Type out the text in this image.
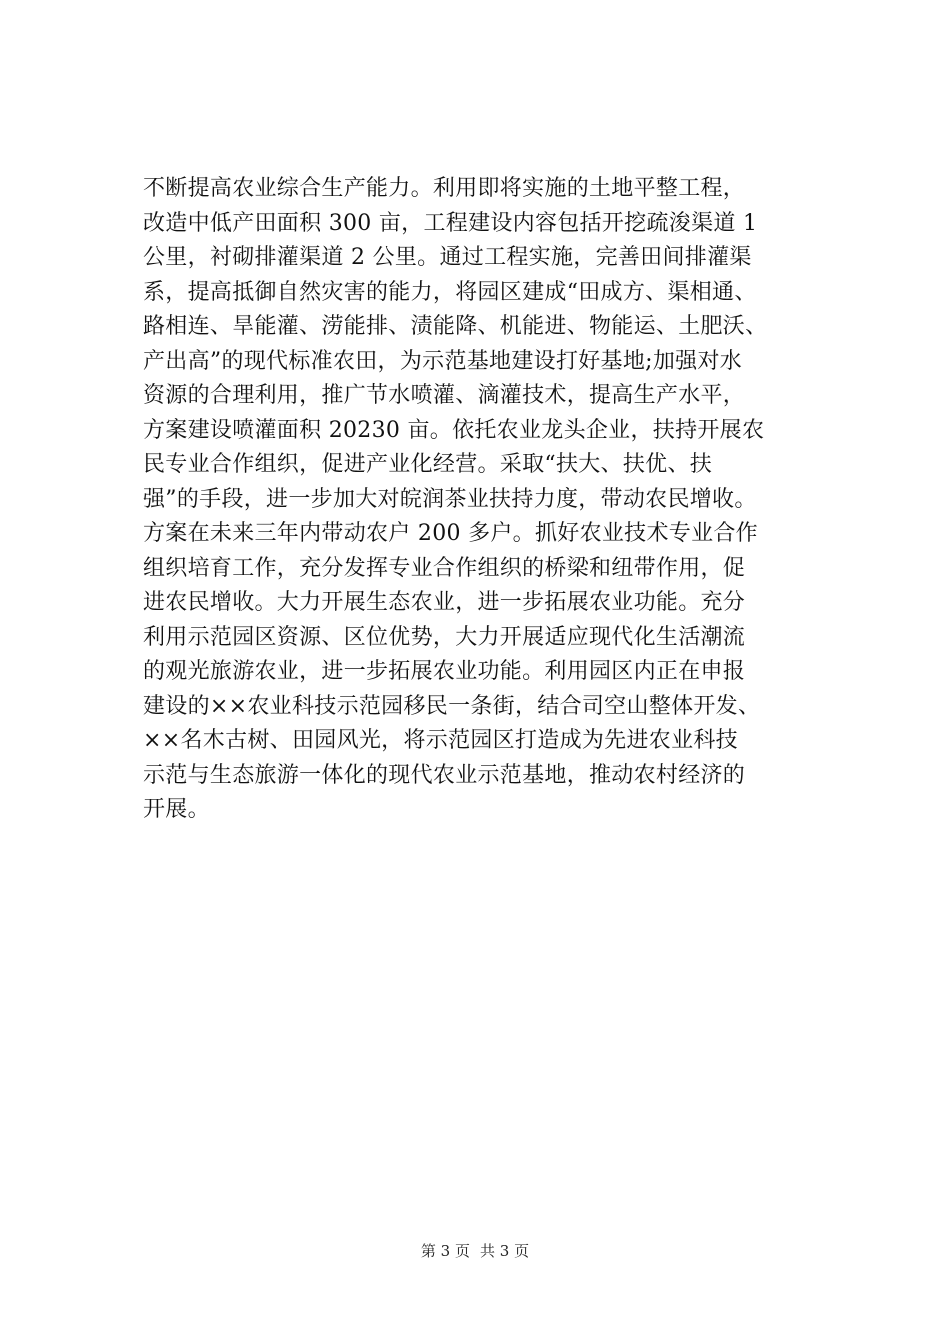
不断提高农业综合生产能力。利用即将实施的土地平整工程，
改造中低产田面积 300 亩，工程建设内容包括开挖疏浚渠道 1
公里，衬砌排灌渠道 2 公里。通过工程实施，完善田间排灌渠
系，提高抵御自然灾害的能力，将园区建成“田成方、渠相通、
路相连、旱能灌、涝能排、渍能降、机能进、物能运、土肥沃、
产出高”的现代标准农田，为示范基地建设打好基地;加强对水
资源的合理利用，推广节水喷灌、滴灌技术，提高生产水平，
方案建设喷灌面积 20230 亩。依托农业龙头企业，扶持开展农
民专业合作组织，促进产业化经营。采取“扶大、扶优、扶
强”的手段，进一步加大对皖润茶业扶持力度，带动农民增收。
方案在未来三年内带动农户 200 多户。抓好农业技术专业合作
组织培育工作，充分发挥专业合作组织的桥梁和纽带作用，促
进农民增收。大力开展生态农业，进一步拓展农业功能。充分
利用示范园区资源、区位优势，大力开展适应现代化生活潮流
的观光旅游农业，进一步拓展农业功能。利用园区内正在申报
建设的××农业科技示范园移民一条街，结合司空山整体开发、
××名木古树、田园风光，将示范园区打造成为先进农业科技
示范与生态旅游一体化的现代农业示范基地，推动农村经济的
开展。
第 3 页 共 3 页
